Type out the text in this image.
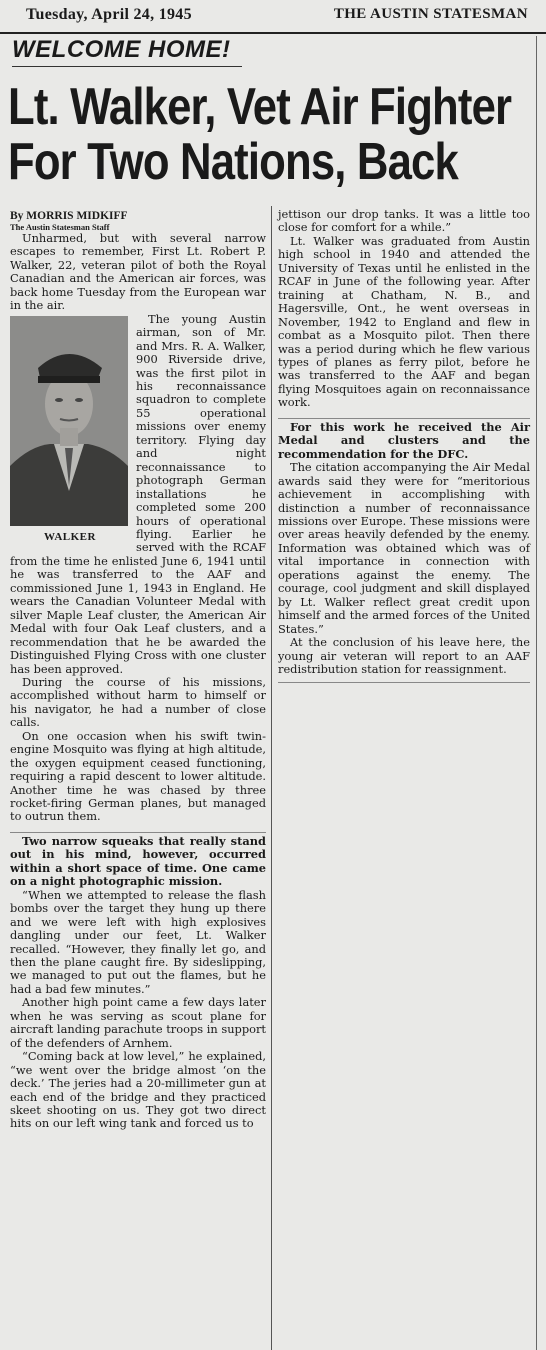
Tuesday, April 24, 1945	THE AUSTIN STATESMAN
WELCOME HOME!
Lt. Walker, Vet Air Fighter
For Two Nations, Back
By MORRIS MIDKIFF
The Austin Statesman Staff

Unharmed, but with several narrow escapes to remember, First Lt. Robert P. Walker, 22, veteran pilot of both the Royal Canadian and the American air forces, was back home Tuesday from the European war in the air.

WALKER
The young Austin airman, son of Mr. and Mrs. R. A. Walker, 900 Riverside drive, was the first pilot in his reconnaissance squadron to complete 55 operational missions over enemy territory. Flying day and night reconnaissance to photograph German installations he completed some 200 hours of operational flying. Earlier he served with the RCAF from the time he enlisted June 6, 1941 until he was transferred to the AAF and commissioned June 1, 1943 in England. He wears the Canadian Volunteer Medal with silver Maple Leaf cluster, the American Air Medal with four Oak Leaf clusters, and a recommendation that he be awarded the Distinguished Flying Cross with one cluster has been approved.

During the course of his missions, accomplished without harm to himself or his navigator, he had a number of close calls.

On one occasion when his swift twin-engine Mosquito was flying at high altitude, the oxygen equipment ceased functioning, requiring a rapid descent to lower altitude. Another time he was chased by three rocket-firing German planes, but managed to outrun them.

Two narrow squeaks that really stand out in his mind, however, occurred within a short space of time. One came on a night photographic mission.

“When we attempted to release the flash bombs over the target they hung up there and we were left with high explosives dangling under our feet, Lt. Walker recalled. “However, they finally let go, and then the plane caught fire. By sideslipping, we managed to put out the flames, but he had a bad few minutes.”

Another high point came a few days later when he was serving as scout plane for aircraft landing parachute troops in support of the defenders of Arnhem.

“Coming back at low level,” he explained, “we went over the bridge almost ‘on the deck.’ The jeries had a 20-millimeter gun at each end of the bridge and they practiced skeet shooting on us. They got two direct hits on our left wing tank and forced us to

jettison our drop tanks. It was a little too close for comfort for a while.”

Lt. Walker was graduated from Austin high school in 1940 and attended the University of Texas until he enlisted in the RCAF in June of the following year. After training at Chatham, N. B., and Hagersville, Ont., he went overseas in November, 1942 to England and flew in combat as a Mosquito pilot. Then there was a period during which he flew various types of planes as ferry pilot, before he was transferred to the AAF and began flying Mosquitoes again on reconnaissance work.

For this work he received the Air Medal and clusters and the recommendation for the DFC.

The citation accompanying the Air Medal awards said they were for “meritorious achievement in accomplishing with distinction a number of reconnaissance missions over Europe. These missions were over areas heavily defended by the enemy. Information was obtained which was of vital importance in connection with operations against the enemy. The courage, cool judgment and skill displayed by Lt. Walker reflect great credit upon himself and the armed forces of the United States.”

At the conclusion of his leave here, the young air veteran will report to an AAF redistribution station for reassignment.
